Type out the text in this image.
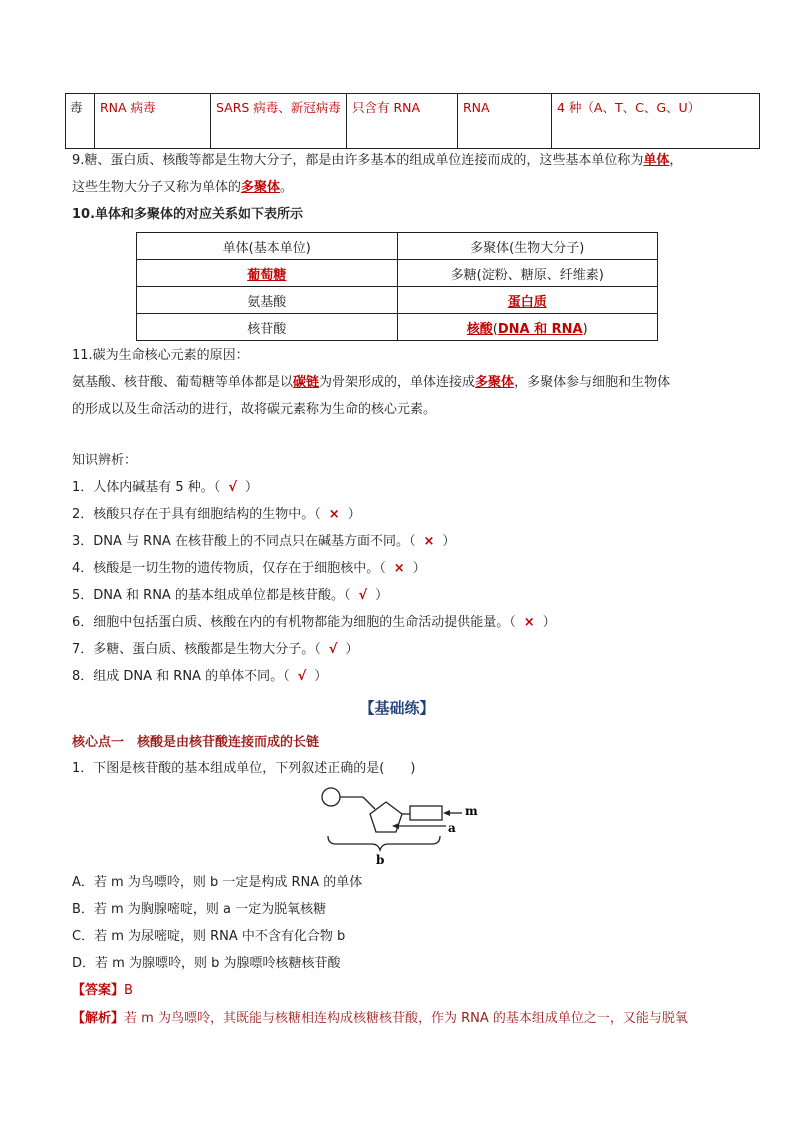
毒	RNA 病毒	SARS 病毒、新冠病毒	只含有 RNA	RNA	4 种（A、T、C、G、U）
9.糖、蛋白质、核酸等都是生物大分子，都是由许多基本的组成单位连接而成的，这些基本单位称为单体，
这些生物大分子又称为单体的多聚体。
10.单体和多聚体的对应关系如下表所示
单体(基本单位)	多聚体(生物大分子)
葡萄糖	多糖(淀粉、糖原、纤维素)
氨基酸	蛋白质
核苷酸	核酸(DNA 和 RNA)
11.碳为生命核心元素的原因：
氨基酸、核苷酸、葡萄糖等单体都是以碳链为骨架形成的，单体连接成多聚体，多聚体参与细胞和生物体
的形成以及生命活动的进行，故将碳元素称为生命的核心元素。
知识辨析：
1．人体内碱基有 5 种。（ √ ）
2．核酸只存在于具有细胞结构的生物中。（ × ）
3．DNA 与 RNA 在核苷酸上的不同点只在碱基方面不同。（ × ）
4．核酸是一切生物的遗传物质，仅存在于细胞核中。（ × ）
5．DNA 和 RNA 的基本组成单位都是核苷酸。（ √ ）
6．细胞中包括蛋白质、核酸在内的有机物都能为细胞的生命活动提供能量。（ × ）
7．多糖、蛋白质、核酸都是生物大分子。（ √ ）
8．组成 DNA 和 RNA 的单体不同。（ √ ）
【基础练】
核心点一　核酸是由核苷酸连接而成的长链
1．下图是核苷酸的基本组成单位，下列叙述正确的是(　　)
m
a
b
A．若 m 为鸟嘌呤，则 b 一定是构成 RNA 的单体
B．若 m 为胸腺嘧啶，则 a 一定为脱氧核糖
C．若 m 为尿嘧啶，则 RNA 中不含有化合物 b
D．若 m 为腺嘌呤，则 b 为腺嘌呤核糖核苷酸
【答案】B
【解析】若 m 为鸟嘌呤，其既能与核糖相连构成核糖核苷酸，作为 RNA 的基本组成单位之一，又能与脱氧
